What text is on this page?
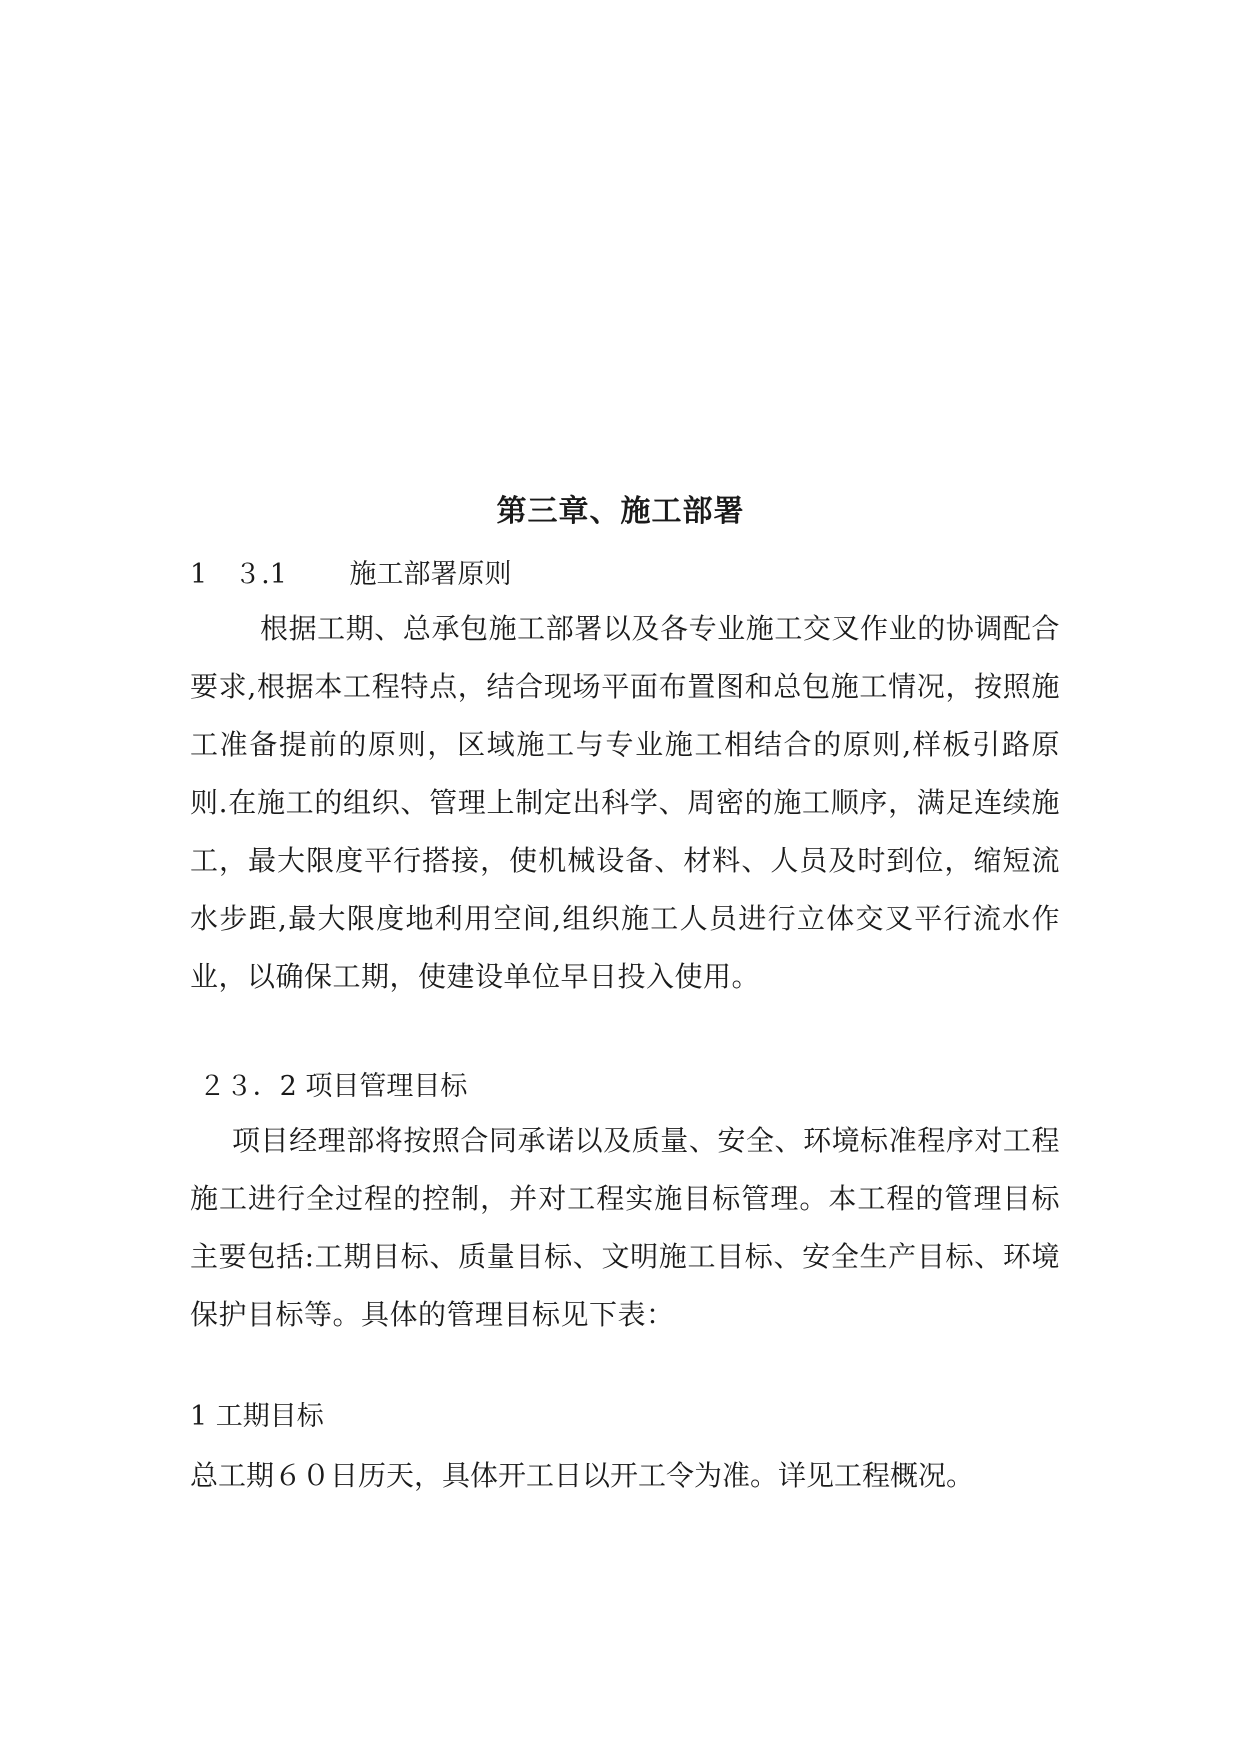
第三章、施工部署
1　３.1　　 施工部署原则
根据工期、总承包施工部署以及各专业施工交叉作业的协调配合要求,根据本工程特点，结合现场平面布置图和总包施工情况，按照施工准备提前的原则，区域施工与专业施工相结合的原则,样板引路原则.在施工的组织、管理上制定出科学、周密的施工顺序，满足连续施工，最大限度平行搭接，使机械设备、材料、人员及时到位，缩短流水步距,最大限度地利用空间,组织施工人员进行立体交叉平行流水作业，以确保工期，使建设单位早日投入使用。
２３．2 项目管理目标
项目经理部将按照合同承诺以及质量、安全、环境标准程序对工程施工进行全过程的控制，并对工程实施目标管理。本工程的管理目标主要包括:工期目标、质量目标、文明施工目标、安全生产目标、环境保护目标等。具体的管理目标见下表：
1 工期目标
总工期６０日历天，具体开工日以开工令为准。详见工程概况。
